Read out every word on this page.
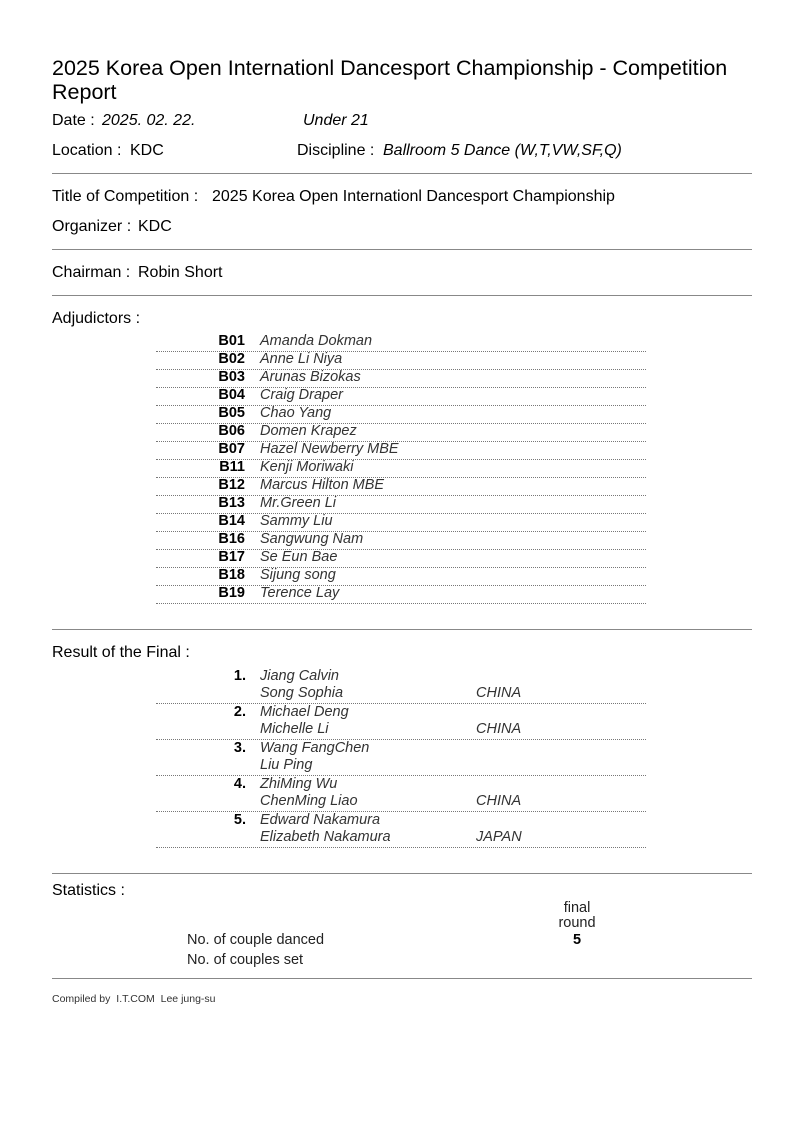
2025 Korea Open Internationl Dancesport Championship - Competition Report
Date : 2025. 02. 22.	Under 21
Location : KDC	Discipline : Ballroom 5 Dance (W,T,VW,SF,Q)
Title of Competition : 2025 Korea Open Internationl Dancesport Championship
Organizer : KDC
Chairman : Robin Short
Adjudictors :
B01 Amanda Dokman
B02 Anne Li Niya
B03 Arunas Bizokas
B04 Craig Draper
B05 Chao Yang
B06 Domen Krapez
B07 Hazel Newberry MBE
B11 Kenji Moriwaki
B12 Marcus Hilton MBE
B13 Mr.Green Li
B14 Sammy Liu
B16 Sangwung Nam
B17 Se Eun Bae
B18 Sijung song
B19 Terence Lay
Result of the Final :
1. Jiang Calvin
Song Sophia	CHINA
2. Michael Deng
Michelle Li	CHINA
3. Wang FangChen
Liu Ping
4. ZhiMing Wu
ChenMing Liao	CHINA
5. Edward Nakamura
Elizabeth Nakamura	JAPAN
Statistics :
final
round
No. of couple danced	5
No. of couples set
Compiled by I.T.COM  Lee jung-su
